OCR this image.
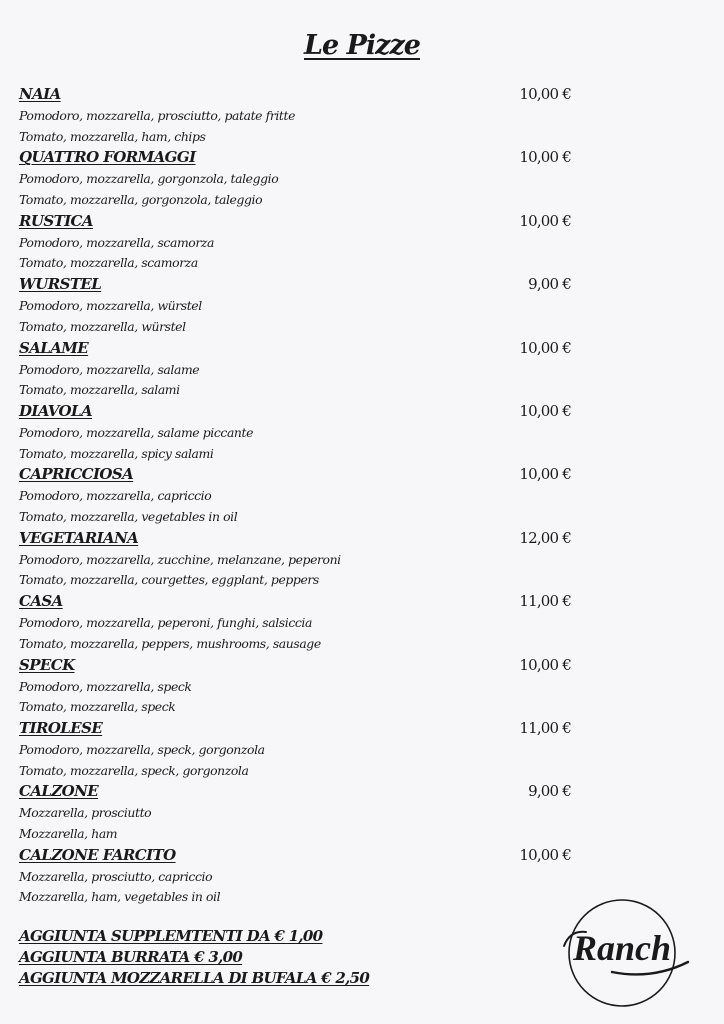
Le Pizze
NAIA	10,00 €
Pomodoro, mozzarella, prosciutto, patate fritte
Tomato, mozzarella, ham, chips
QUATTRO FORMAGGI	10,00 €
Pomodoro, mozzarella, gorgonzola, taleggio
Tomato, mozzarella, gorgonzola, taleggio
RUSTICA	10,00 €
Pomodoro, mozzarella, scamorza
Tomato, mozzarella, scamorza
WURSTEL	9,00 €
Pomodoro, mozzarella, würstel
Tomato, mozzarella, würstel
SALAME	10,00 €
Pomodoro, mozzarella, salame
Tomato, mozzarella, salami
DIAVOLA	10,00 €
Pomodoro, mozzarella, salame piccante
Tomato, mozzarella, spicy salami
CAPRICCIOSA	10,00 €
Pomodoro, mozzarella, capriccio
Tomato, mozzarella, vegetables in oil
VEGETARIANA	12,00 €
Pomodoro, mozzarella, zucchine, melanzane, peperoni
Tomato, mozzarella, courgettes, eggplant, peppers
CASA	11,00 €
Pomodoro, mozzarella, peperoni, funghi, salsiccia
Tomato, mozzarella, peppers, mushrooms, sausage
SPECK	10,00 €
Pomodoro, mozzarella, speck
Tomato, mozzarella, speck
TIROLESE	11,00 €
Pomodoro, mozzarella, speck, gorgonzola
Tomato, mozzarella, speck, gorgonzola
CALZONE	9,00 €
Mozzarella, prosciutto
Mozzarella, ham
CALZONE FARCITO	10,00 €
Mozzarella, prosciutto, capriccio
Mozzarella, ham, vegetables in oil
AGGIUNTA SUPPLEMTENTI DA € 1,00
AGGIUNTA BURRATA € 3,00
AGGIUNTA MOZZARELLA DI BUFALA € 2,50
Ranch
